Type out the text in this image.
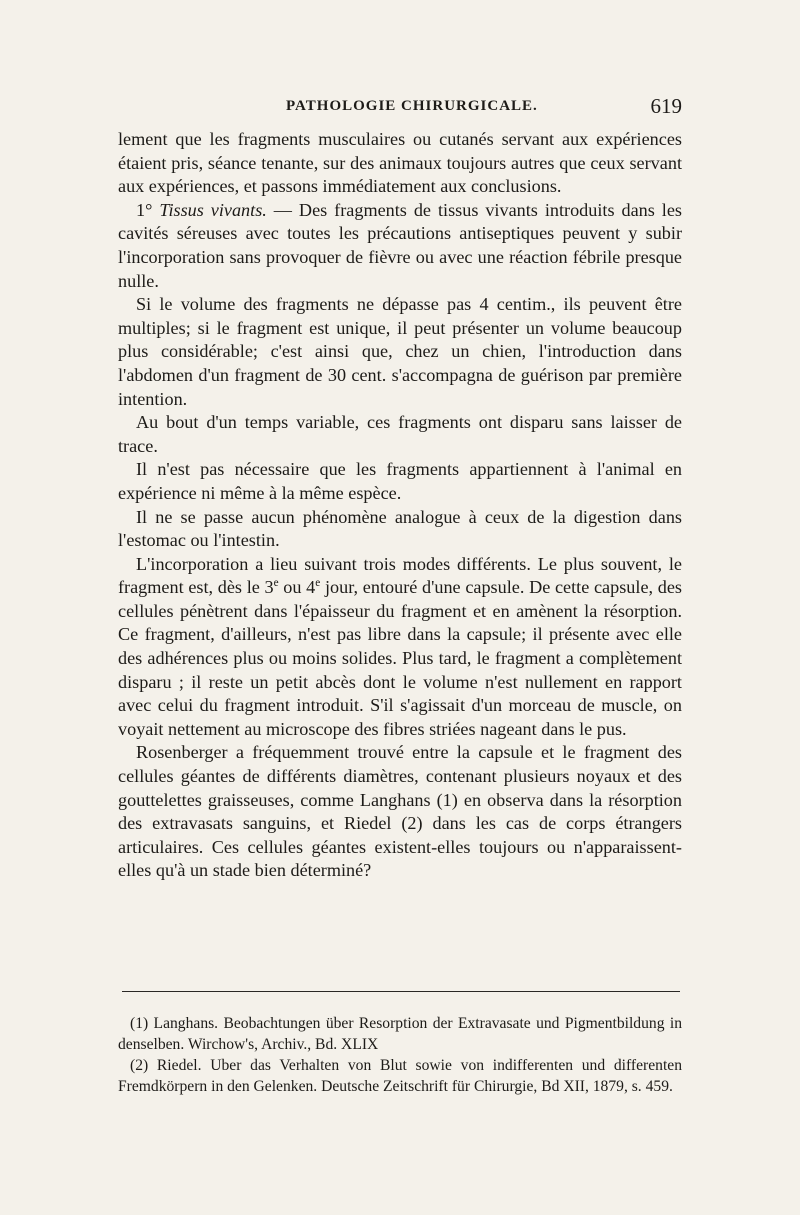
PATHOLOGIE CHIRURGICALE.	619

lement que les fragments musculaires ou cutanés servant aux expériences étaient pris, séance tenante, sur des animaux toujours autres que ceux servant aux expériences, et passons immédiatement aux conclusions.

1° Tissus vivants. — Des fragments de tissus vivants introduits dans les cavités séreuses avec toutes les précautions antiseptiques peuvent y subir l'incorporation sans provoquer de fièvre ou avec une réaction fébrile presque nulle.

Si le volume des fragments ne dépasse pas 4 centim., ils peuvent être multiples; si le fragment est unique, il peut présenter un volume beaucoup plus considérable; c'est ainsi que, chez un chien, l'introduction dans l'abdomen d'un fragment de 30 cent. s'accompagna de guérison par première intention.

Au bout d'un temps variable, ces fragments ont disparu sans laisser de trace.

Il n'est pas nécessaire que les fragments appartiennent à l'animal en expérience ni même à la même espèce.

Il ne se passe aucun phénomène analogue à ceux de la digestion dans l'estomac ou l'intestin.

L'incorporation a lieu suivant trois modes différents. Le plus souvent, le fragment est, dès le 3e ou 4e jour, entouré d'une capsule. De cette capsule, des cellules pénètrent dans l'épaisseur du fragment et en amènent la résorption. Ce fragment, d'ailleurs, n'est pas libre dans la capsule; il présente avec elle des adhérences plus ou moins solides. Plus tard, le fragment a complètement disparu ; il reste un petit abcès dont le volume n'est nullement en rapport avec celui du fragment introduit. S'il s'agissait d'un morceau de muscle, on voyait nettement au microscope des fibres striées nageant dans le pus.

Rosenberger a fréquemment trouvé entre la capsule et le fragment des cellules géantes de différents diamètres, contenant plusieurs noyaux et des gouttelettes graisseuses, comme Langhans (1) en observa dans la résorption des extravasats sanguins, et Riedel (2) dans les cas de corps étrangers articulaires. Ces cellules géantes existent-elles toujours ou n'apparaissent-elles qu'à un stade bien déterminé?

(1) Langhans. Beobachtungen über Resorption der Extravasate und Pigmentbildung in denselben. Wirchow's, Archiv., Bd. XLIX

(2) Riedel. Uber das Verhalten von Blut sowie von indifferenten und differenten Fremdkörpern in den Gelenken. Deutsche Zeitschrift für Chirurgie, Bd XII, 1879, s. 459.
